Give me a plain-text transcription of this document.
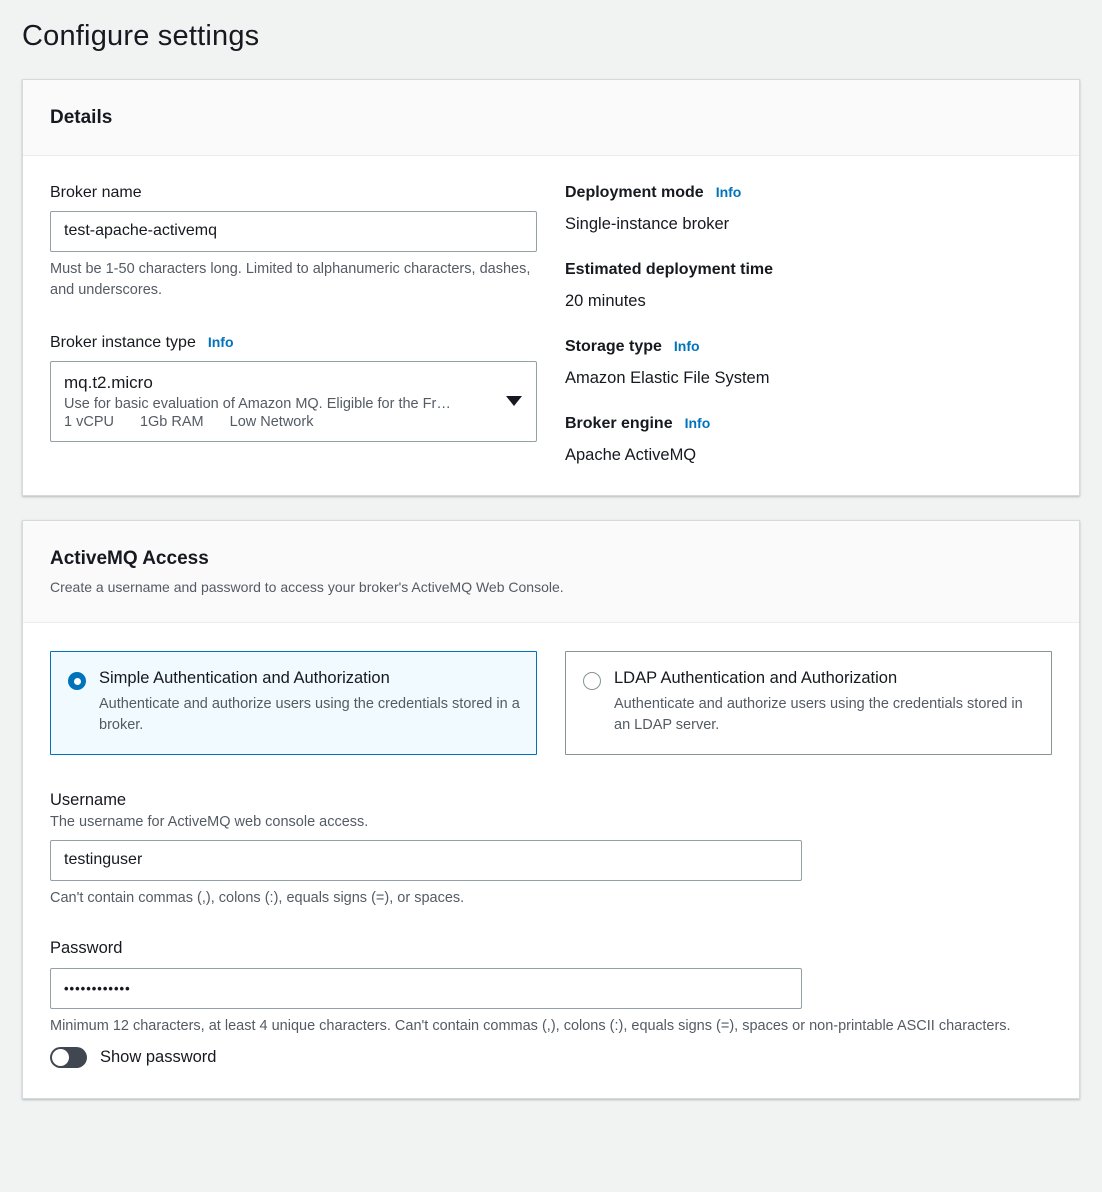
Configure settings
Details
Broker name
test-apache-activemq
Must be 1-50 characters long. Limited to alphanumeric characters, dashes, and underscores.
Broker instance type Info
mq.t2.micro
Use for basic evaluation of Amazon MQ. Eligible for the Fr…
1 vCPU 1Gb RAM Low Network
Deployment mode Info
Single-instance broker
Estimated deployment time
20 minutes
Storage type Info
Amazon Elastic File System
Broker engine Info
Apache ActiveMQ
ActiveMQ Access
Create a username and password to access your broker's ActiveMQ Web Console.
Simple Authentication and Authorization
Authenticate and authorize users using the credentials stored in a broker.
LDAP Authentication and Authorization
Authenticate and authorize users using the credentials stored in an LDAP server.
Username
The username for ActiveMQ web console access.
testinguser
Can't contain commas (,), colons (:), equals signs (=), or spaces.
Password
••••••••••••
Minimum 12 characters, at least 4 unique characters. Can't contain commas (,), colons (:), equals signs (=), spaces or non-printable ASCII characters.
Show password
